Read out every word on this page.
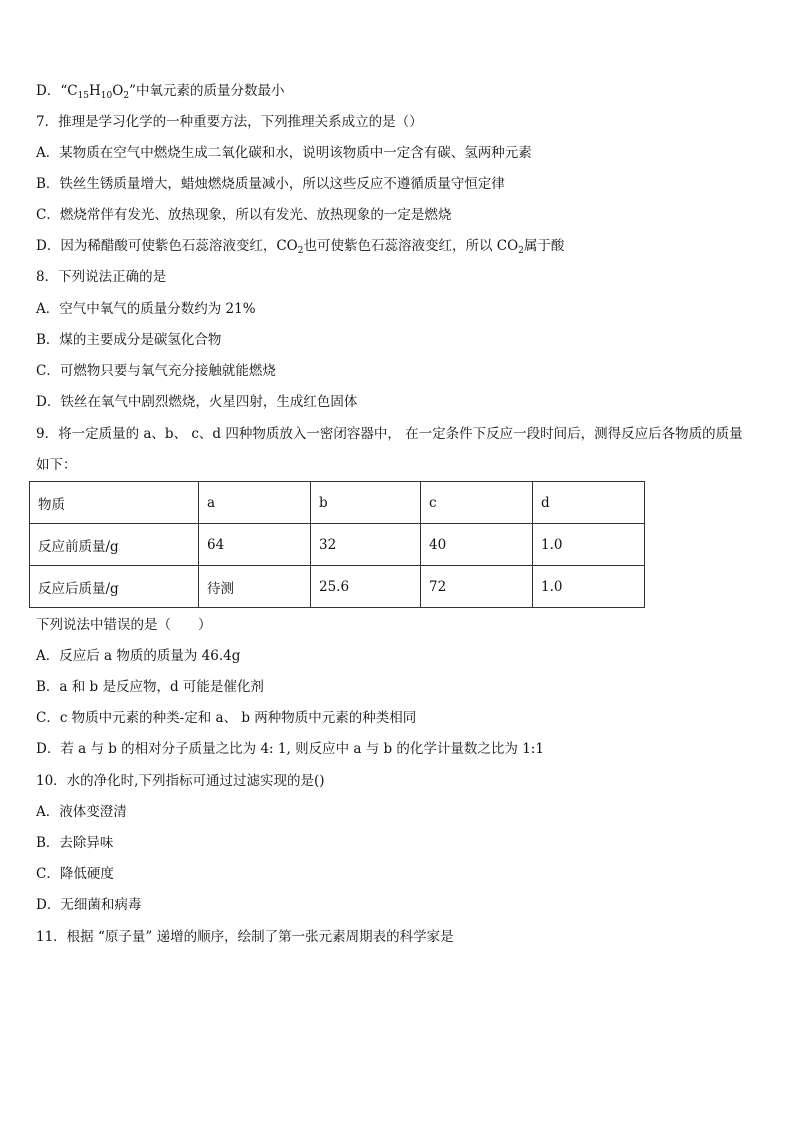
D．“$C_{15}H_{10}O_2$”中氧元素的质量分数最小
7．推理是学习化学的一种重要方法，下列推理关系成立的是（）
A．某物质在空气中燃烧生成二氧化碳和水，说明该物质中一定含有碳、氢两种元素
B．铁丝生锈质量增大，蜡烛燃烧质量减小，所以这些反应不遵循质量守恒定律
C．燃烧常伴有发光、放热现象，所以有发光、放热现象的一定是燃烧
D．因为稀醋酸可使紫色石蕊溶液变红，$CO_2$也可使紫色石蕊溶液变红，所以 $CO_2$属于酸
8．下列说法正确的是
A．空气中氧气的质量分数约为 21%
B．煤的主要成分是碳氢化合物
C．可燃物只要与氧气充分接触就能燃烧
D．铁丝在氧气中剧烈燃烧，火星四射，生成红色固体
9．将一定质量的 a、b、 c、d 四种物质放入一密闭容器中， 在一定条件下反应一段时间后，测得反应后各物质的质量
如下：
物质	a	b	c	d
反应前质量/g	64	32	40	1.0
反应后质量/g	待测	25.6	72	1.0
下列说法中错误的是（　　）
A．反应后 a 物质的质量为 46.4g
B．a 和 b 是反应物，d 可能是催化剂
C．c 物质中元素的种类-定和 a、 b 两种物质中元素的种类相同
D．若 a 与 b 的相对分子质量之比为 4: 1, 则反应中 a 与 b 的化学计量数之比为 1:1
10．水的净化时,下列指标可通过过滤实现的是()
A．液体变澄清
B．去除异味
C．降低硬度
D．无细菌和病毒
11．根据 “原子量” 递增的顺序，绘制了第一张元素周期表的科学家是
